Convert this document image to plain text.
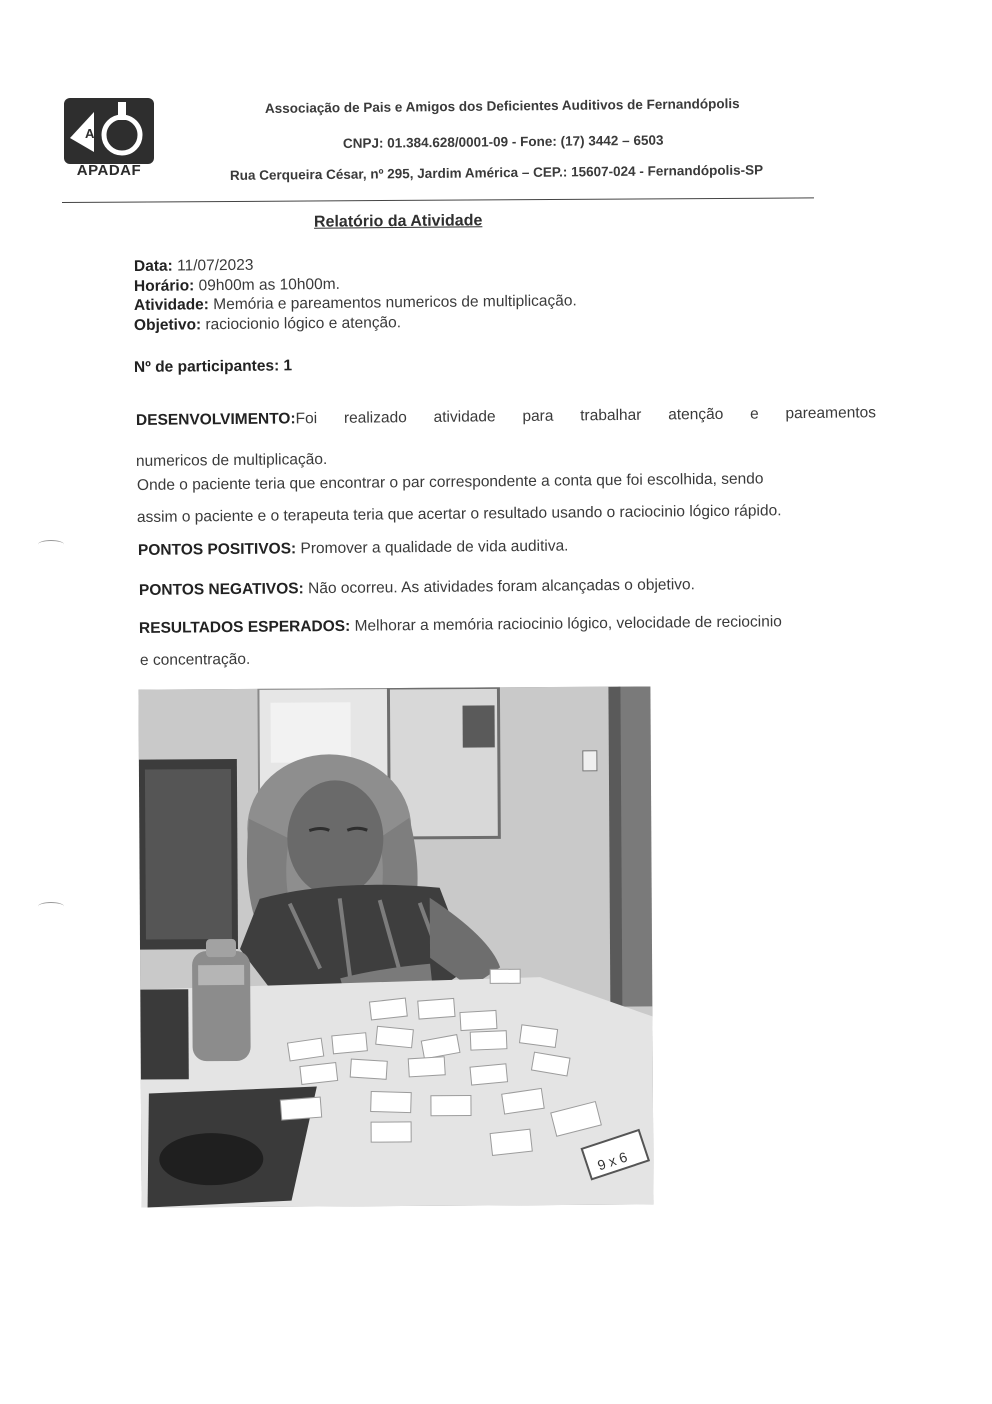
A
APADAF
Associação de Pais e Amigos dos Deficientes Auditivos de Fernandópolis
CNPJ: 01.384.628/0001-09 - Fone: (17) 3442 – 6503
Rua Cerqueira César, nº 295, Jardim América – CEP.: 15607-024 - Fernandópolis-SP
Relatório da Atividade
Data: 11/07/2023
Horário: 09h00m as 10h00m.
Atividade: Memória e pareamentos numericos de multiplicação.
Objetivo: raciocionio lógico e atenção.
Nº de participantes: 1
DESENVOLVIMENTO:Foi realizado atividade para trabalhar atenção e pareamentos
numericos de multiplicação.
Onde o paciente teria que encontrar o par correspondente a conta que foi escolhida, sendo
assim o paciente e o terapeuta teria que acertar o resultado usando o raciocinio lógico rápido.
PONTOS POSITIVOS: Promover a qualidade de vida auditiva.
PONTOS NEGATIVOS: Não ocorreu. As atividades foram alcançadas o objetivo.
RESULTADOS ESPERADOS: Melhorar a memória raciocinio lógico, velocidade de reciocinio
e concentração.
9 x 6
